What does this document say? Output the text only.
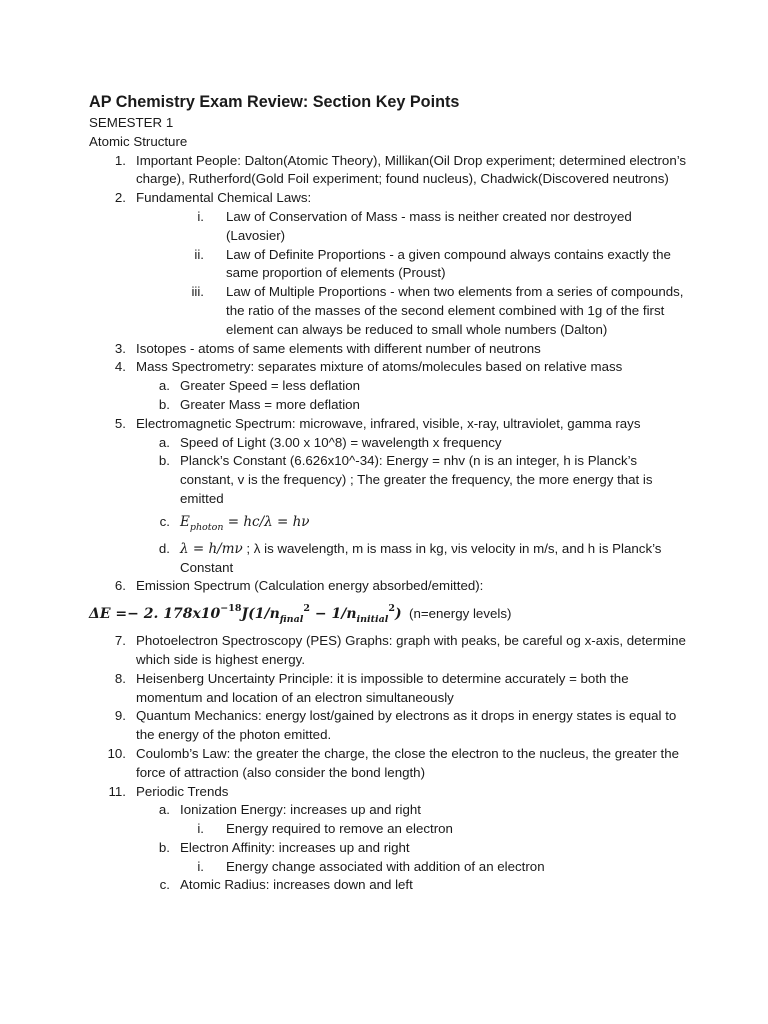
AP Chemistry Exam Review: Section Key Points
SEMESTER 1
Atomic Structure
1. Important People: Dalton(Atomic Theory), Millikan(Oil Drop experiment; determined electron’s charge), Rutherford(Gold Foil experiment; found nucleus), Chadwick(Discovered neutrons)
2. Fundamental Chemical Laws:
i. Law of Conservation of Mass - mass is neither created nor destroyed (Lavosier)
ii. Law of Definite Proportions - a given compound always contains exactly the same proportion of elements (Proust)
iii. Law of Multiple Proportions - when two elements from a series of compounds, the ratio of the masses of the second element combined with 1g of the first element can always be reduced to small whole numbers (Dalton)
3. Isotopes - atoms of same elements with different number of neutrons
4. Mass Spectrometry: separates mixture of atoms/molecules based on relative mass
a. Greater Speed = less deflation
b. Greater Mass = more deflation
5. Electromagnetic Spectrum: microwave, infrared, visible, x-ray, ultraviolet, gamma rays
a. Speed of Light (3.00 x 10^8) = wavelength x frequency
b. Planck’s Constant (6.626x10^-34): Energy = nhv (n is an integer, h is Planck’s constant, v is the frequency) ; The greater the frequency, the more energy that is emitted
c. $E_{photon} = hc/\lambda = h\nu$
d. λ = h/mν ; λ is wavelength, m is mass in kg, νis velocity in m/s, and h is Planck’s Constant
6. Emission Spectrum (Calculation energy absorbed/emitted):
ΔE =− 2. $178x10^{-18}J(1/n_{final}^2 - 1/n_{initial}^2)$ (n=energy levels)
7. Photoelectron Spectroscopy (PES) Graphs: graph with peaks, be careful og x-axis, determine which side is highest energy.
8. Heisenberg Uncertainty Principle: it is impossible to determine accurately = both the momentum and location of an electron simultaneously
9. Quantum Mechanics: energy lost/gained by electrons as it drops in energy states is equal to the energy of the photon emitted.
10. Coulomb’s Law: the greater the charge, the close the electron to the nucleus, the greater the force of attraction (also consider the bond length)
11. Periodic Trends
a. Ionization Energy: increases up and right
i. Energy required to remove an electron
b. Electron Affinity: increases up and right
i. Energy change associated with addition of an electron
c. Atomic Radius: increases down and left
